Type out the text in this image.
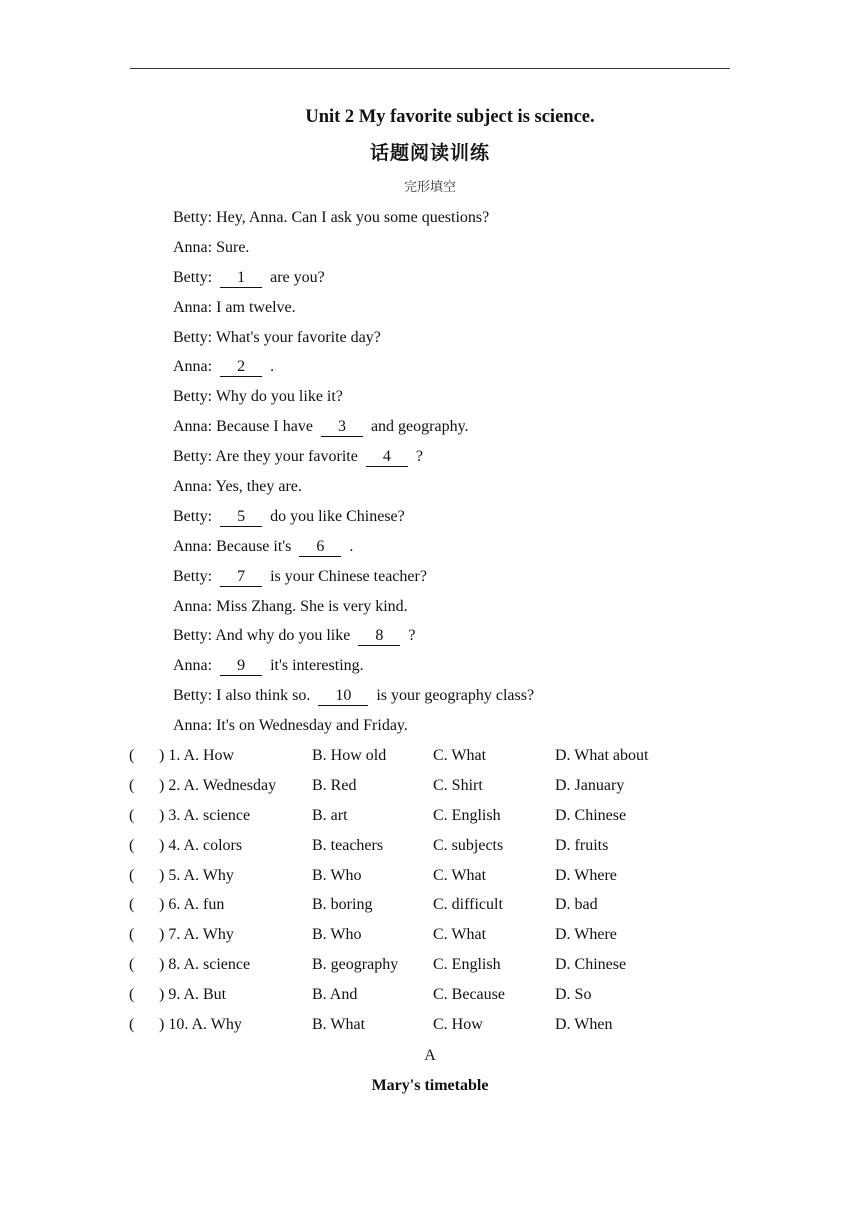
Unit 2 My favorite subject is science.
话题阅读训练
完形填空
Betty: Hey, Anna. Can I ask you some questions?
Anna: Sure.
Betty: 1 are you?
Anna: I am twelve.
Betty: What's your favorite day?
Anna: 2 .
Betty: Why do you like it?
Anna: Because I have 3 and geography.
Betty: Are they your favorite 4 ?
Anna: Yes, they are.
Betty: 5 do you like Chinese?
Anna: Because it's 6 .
Betty: 7 is your Chinese teacher?
Anna: Miss Zhang. She is very kind.
Betty: And why do you like 8 ?
Anna: 9 it's interesting.
Betty: I also think so. 10 is your geography class?
Anna: It's on Wednesday and Friday.
( ) 1. A. How	B. How old	C. What	D. What about
( ) 2. A. Wednesday B. Red	C. Shirt	D. January
( ) 3. A. science	B. art	C. English	D. Chinese
( ) 4. A. colors	B. teachers	C. subjects	D. fruits
( ) 5. A. Why	B. Who	C. What	D. Where
( ) 6. A. fun	B. boring	C. difficult	D. bad
( ) 7. A. Why	B. Who	C. What	D. Where
( ) 8. A. science	B. geography C. English	D. Chinese
( ) 9. A. But	B. And	C. Because	D. So
( ) 10. A. Why	B. What	C. How	D. When
A
Mary's timetable
